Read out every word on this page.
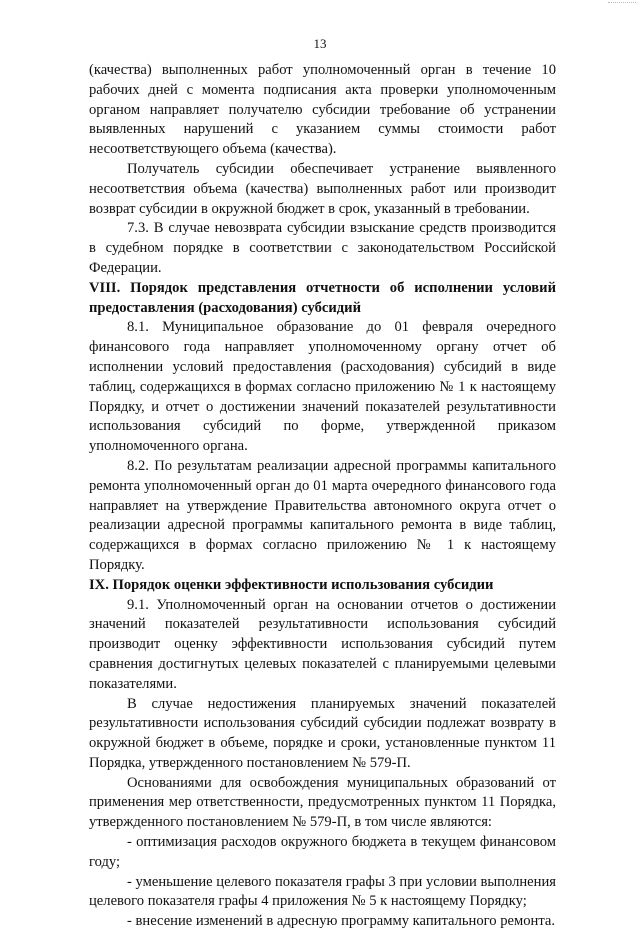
13

(качества) выполненных работ уполномоченный орган в течение 10 рабочих дней с момента подписания акта проверки уполномоченным органом направляет получателю субсидии требование об устранении выявленных нарушений с указанием суммы стоимости работ несоответствующего объема (качества).

Получатель субсидии обеспечивает устранение выявленного несоответствия объема (качества) выполненных работ или производит возврат субсидии в окружной бюджет в срок, указанный в требовании.

7.3. В случае невозврата субсидии взыскание средств производится в судебном порядке в соответствии с законодательством Российской Федерации.

VIII. Порядок представления отчетности об исполнении условий предоставления (расходования) субсидий

8.1. Муниципальное образование до 01 февраля очередного финансового года направляет уполномоченному органу отчет об исполнении условий предоставления (расходования) субсидий в виде таблиц, содержащихся в формах согласно приложению № 1 к настоящему Порядку, и отчет о достижении значений показателей результативности использования субсидий по форме, утвержденной приказом уполномоченного органа.

8.2. По результатам реализации адресной программы капитального ремонта уполномоченный орган до 01 марта очередного финансового года направляет на утверждение Правительства автономного округа отчет о реализации адресной программы капитального ремонта в виде таблиц, содержащихся в формах согласно приложению № 1 к настоящему Порядку.

IX. Порядок оценки эффективности использования субсидии

9.1. Уполномоченный орган на основании отчетов о достижении значений показателей результативности использования субсидий производит оценку эффективности использования субсидий путем сравнения достигнутых целевых показателей с планируемыми целевыми показателями.

В случае недостижения планируемых значений показателей результативности использования субсидий субсидии подлежат возврату в окружной бюджет в объеме, порядке и сроки, установленные пунктом 11 Порядка, утвержденного постановлением № 579-П.

Основаниями для освобождения муниципальных образований от применения мер ответственности, предусмотренных пунктом 11 Порядка, утвержденного постановлением № 579-П, в том числе являются:

- оптимизация расходов окружного бюджета в текущем финансовом году;

- уменьшение целевого показателя графы 3 при условии выполнения целевого показателя графы 4 приложения № 5 к настоящему Порядку;

- внесение изменений в адресную программу капитального ремонта.
